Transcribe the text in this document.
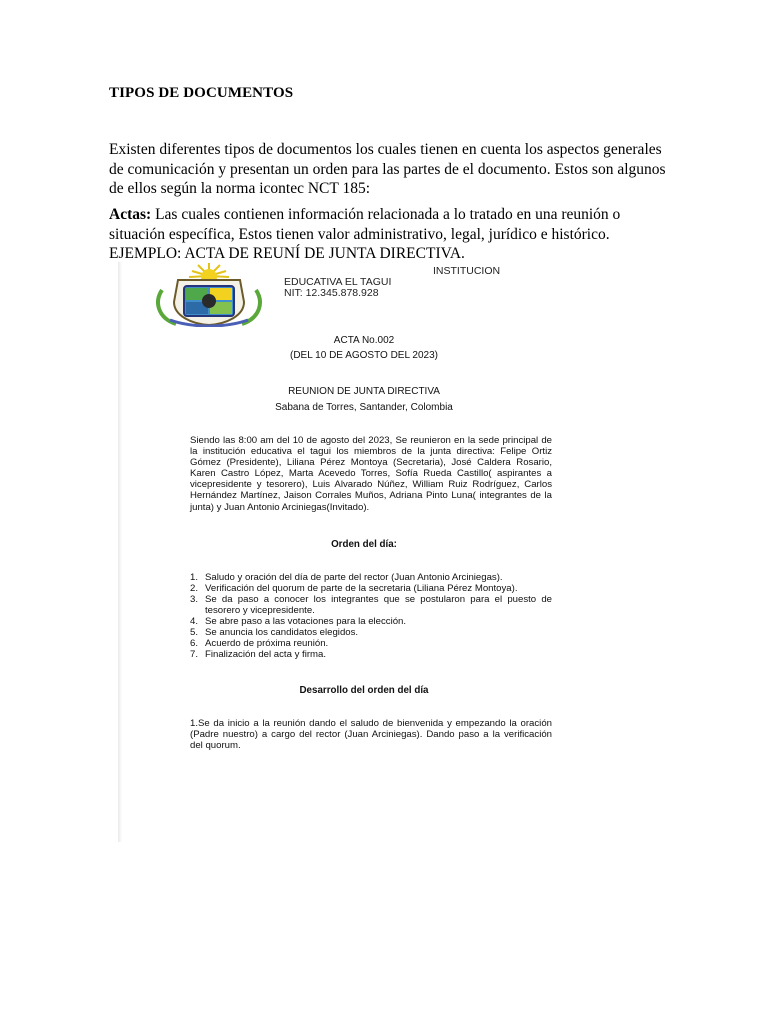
TIPOS DE DOCUMENTOS

Existen diferentes tipos de documentos los cuales tienen en cuenta los aspectos generales de comunicación y presentan un orden para las partes de el documento. Estos son algunos de ellos según la norma icontec NCT 185:

Actas: Las cuales contienen información relacionada a lo tratado en una reunión o situación específica, Estos tienen valor administrativo, legal, jurídico e histórico. EJEMPLO: ACTA DE REUNÍ DE JUNTA DIRECTIVA.

INSTITUCION
EDUCATIVA EL TAGUI
NIT: 12.345.878.928
ACTA No.002
(DEL 10 DE AGOSTO DEL 2023)
REUNION DE JUNTA DIRECTIVA
Sabana de Torres, Santander, Colombia

Siendo las 8:00 am del 10 de agosto del 2023, Se reunieron en la sede principal de la institución educativa el tagui los miembros de la junta directiva: Felipe Ortiz Gómez (Presidente), Liliana Pérez Montoya (Secretaria), José Caldera Rosario, Karen Castro López, Marta Acevedo Torres, Sofía Rueda Castillo( aspirantes a vicepresidente y tesorero), Luis Alvarado Núñez, William Ruiz Rodríguez, Carlos Hernández Martínez, Jaison Corrales Muños, Adriana Pinto Luna( integrantes de la junta) y Juan Antonio Arciniegas(Invitado).

Orden del día:
1. Saludo y oración del día de parte del rector (Juan Antonio Arciniegas).
2. Verificación del quorum de parte de la secretaria (Liliana Pérez Montoya).
3. Se da paso a conocer los integrantes que se postularon para el puesto de tesorero y vicepresidente.
4. Se abre paso a las votaciones para la elección.
5. Se anuncia los candidatos elegidos.
6. Acuerdo de próxima reunión.
7. Finalización del acta y firma.
Desarrollo del orden del día

1.Se da inicio a la reunión dando el saludo de bienvenida y empezando la oración (Padre nuestro) a cargo del rector (Juan Arciniegas). Dando paso a la verificación del quorum.
